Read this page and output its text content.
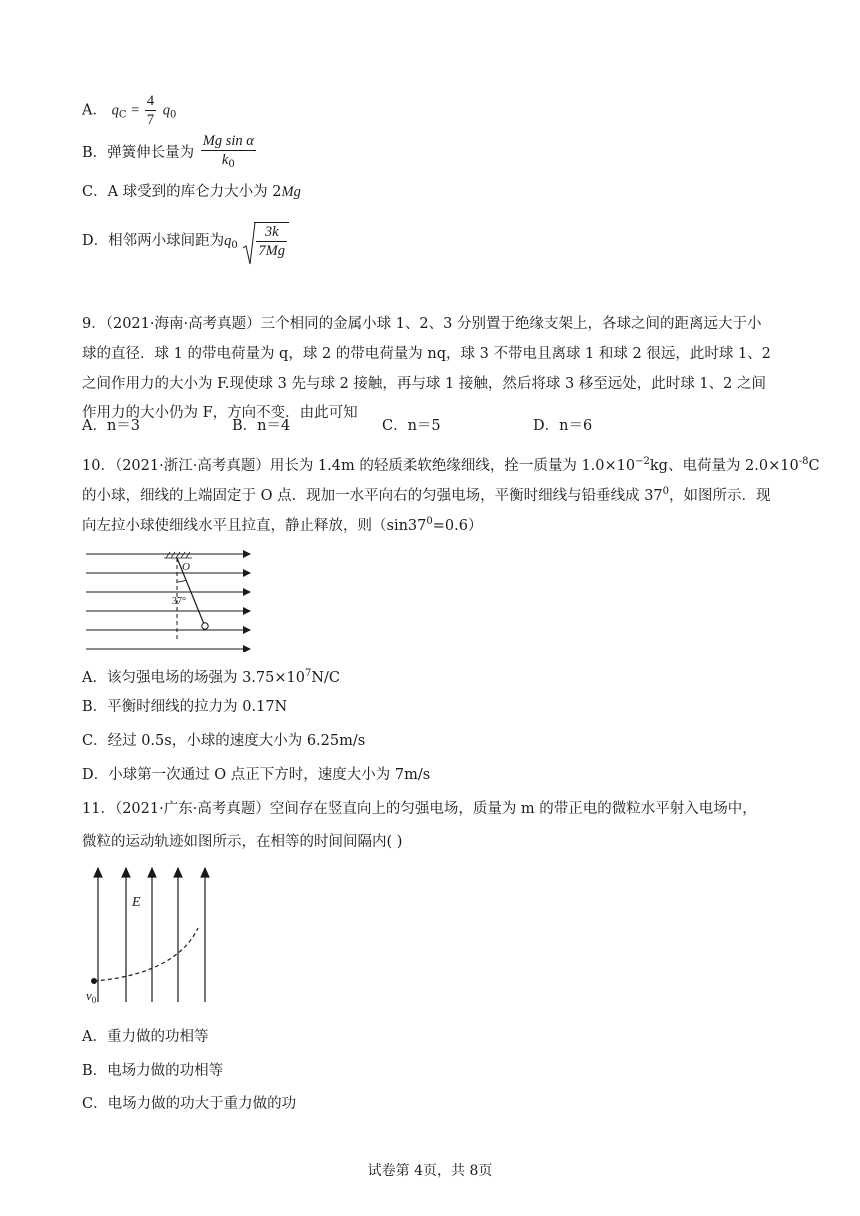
A． $q_C = \frac{4}{7} q_0$
B．弹簧伸长量为 $\frac{\text{Mg sin α}}{k_0}$
C．A 球受到的库仑力大小为 2Mg
D．相邻两小球间距为$q_0 \frac{3k}{7Mg}$
9．（2021·海南·高考真题）三个相同的金属小球 1、2、3 分别置于绝缘支架上，各球之间的距离远大于小
球的直径．球 1 的带电荷量为 q，球 2 的带电荷量为 nq，球 3 不带电且离球 1 和球 2 很远，此时球 1、2
之间作用力的大小为 F.现使球 3 先与球 2 接触，再与球 1 接触，然后将球 3 移至远处，此时球 1、2 之间
作用力的大小仍为 F，方向不变．由此可知
A．n＝3	B．n＝4	C．n＝5	D．n＝6
10．（2021·浙江·高考真题）用长为 1.4m 的轻质柔软绝缘细线，拴一质量为 $1.0\times 10^{-2}kg$、电荷量为 $2.0\times 10^{-8}C$
的小球，细线的上端固定于 O 点．现加一水平向右的匀强电场，平衡时细线与铅垂线成 $37^0$，如图所示．现
向左拉小球使细线水平且拉直，静止释放，则$(\sin 37^0=0.6)$
O
37°
A．该匀强电场的场强为 $3.75\times 10^7N/C$
B．平衡时细线的拉力为 0.17N
C．经过 0.5s，小球的速度大小为 6.25m/s
D．小球第一次通过 O 点正下方时，速度大小为 7m/s
11．（2021·广东·高考真题）空间存在竖直向上的匀强电场，质量为 m 的带正电的微粒水平射入电场中，
微粒的运动轨迹如图所示，在相等的时间间隔内( )
E
$v_0$
A．重力做的功相等
B．电场力做的功相等
C．电场力做的功大于重力做的功
试卷第 4页，共 8页
